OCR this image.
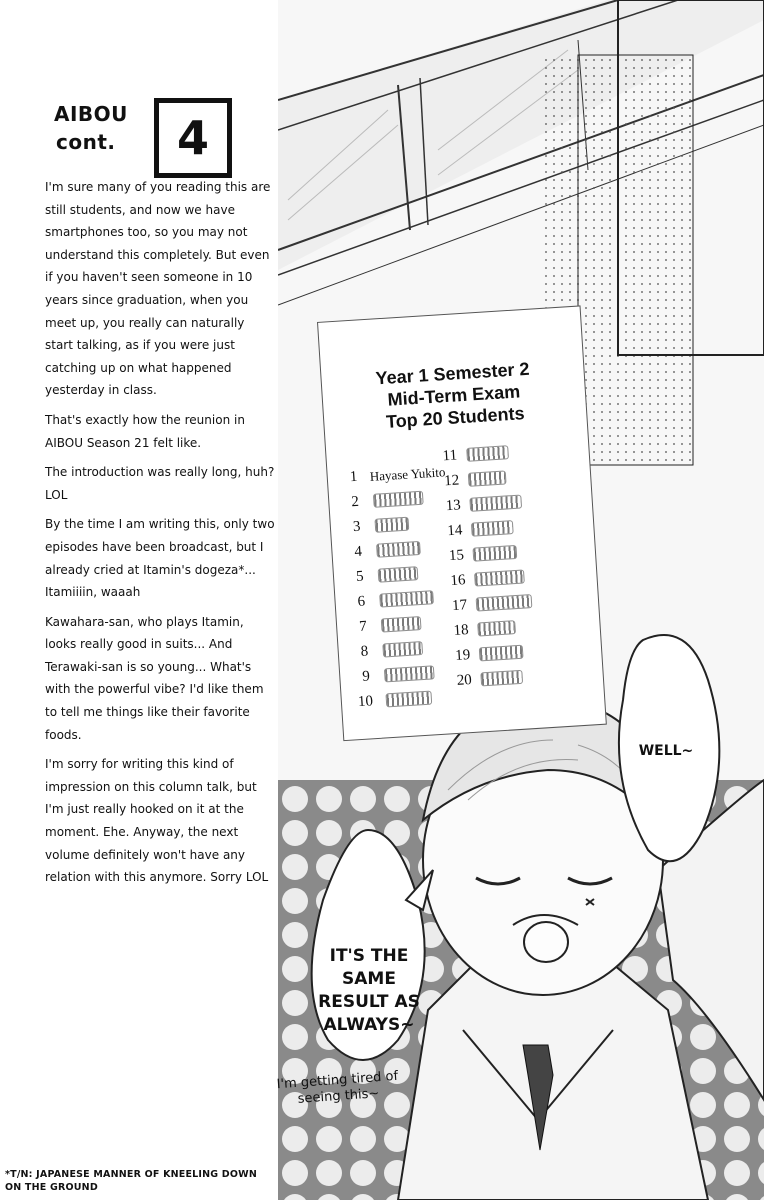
AIBOU
cont. 4

I'm sure many of you reading this are still students, and now we have smartphones too, so you may not understand this completely. But even if you haven't seen someone in 10 years since graduation, when you meet up, you really can naturally start talking, as if you were just catching up on what happened yesterday in class.

That's exactly how the reunion in AIBOU Season 21 felt like.

The introduction was really long, huh? LOL

By the time I am writing this, only two episodes have been broadcast, but I already cried at Itamin's dogeza*... Itamiiiin, waaah

Kawahara-san, who plays Itamin, looks really good in suits... And Terawaki-san is so young... What's with the powerful vibe? I'd like them to tell me things like their favorite foods.

I'm sorry for writing this kind of impression on this column talk, but I'm just really hooked on it at the moment. Ehe. Anyway, the next volume definitely won't have any relation with this anymore. Sorry LOL

*T/N: JAPANESE MANNER OF KNEELING DOWN ON THE GROUND
Year 1 Semester 2
Mid-Term Exam
Top 20 Students
1 Hayase Yukito
2
3
4
5
6
7
8
9
10
11
12
13
14
15
16
17
18
19
20
WELL~
IT'S THE SAME RESULT AS ALWAYS~
I'm getting tired of seeing this~
